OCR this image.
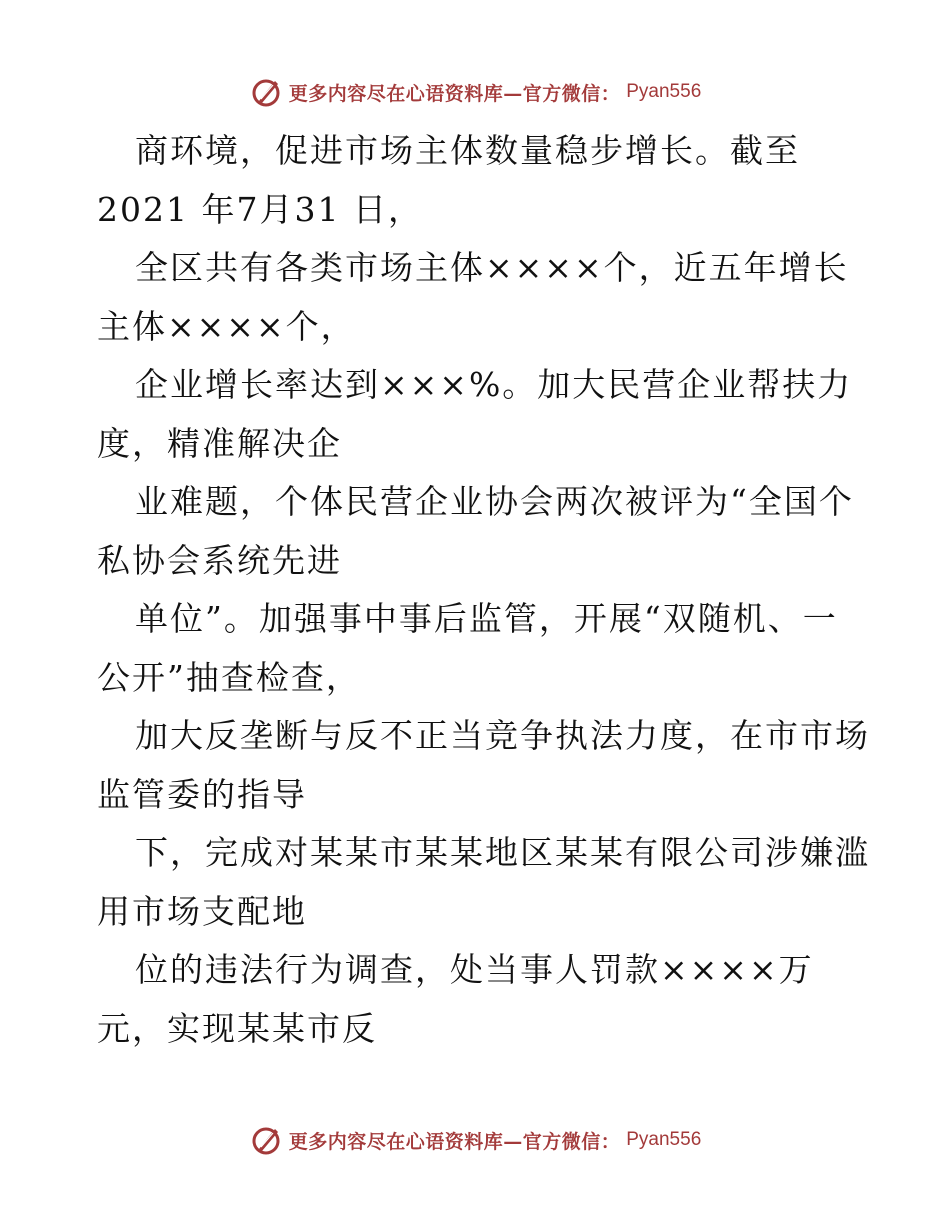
更多内容尽在心语资料库—官方微信： Pyan556
商环境，促进市场主体数量稳步增长。截至
2021 年7月31 日，
全区共有各类市场主体××××个，近五年增长
主体××××个，
企业增长率达到×××%。加大民营企业帮扶力
度，精准解决企
业难题，个体民营企业协会两次被评为“全国个
私协会系统先进
单位”。加强事中事后监管，开展“双随机、一
公开”抽查检查，
加大反垄断与反不正当竞争执法力度，在市市场
监管委的指导
下，完成对某某市某某地区某某有限公司涉嫌滥
用市场支配地
位的违法行为调查，处当事人罚款××××万
元，实现某某市反
更多内容尽在心语资料库—官方微信： Pyan556
